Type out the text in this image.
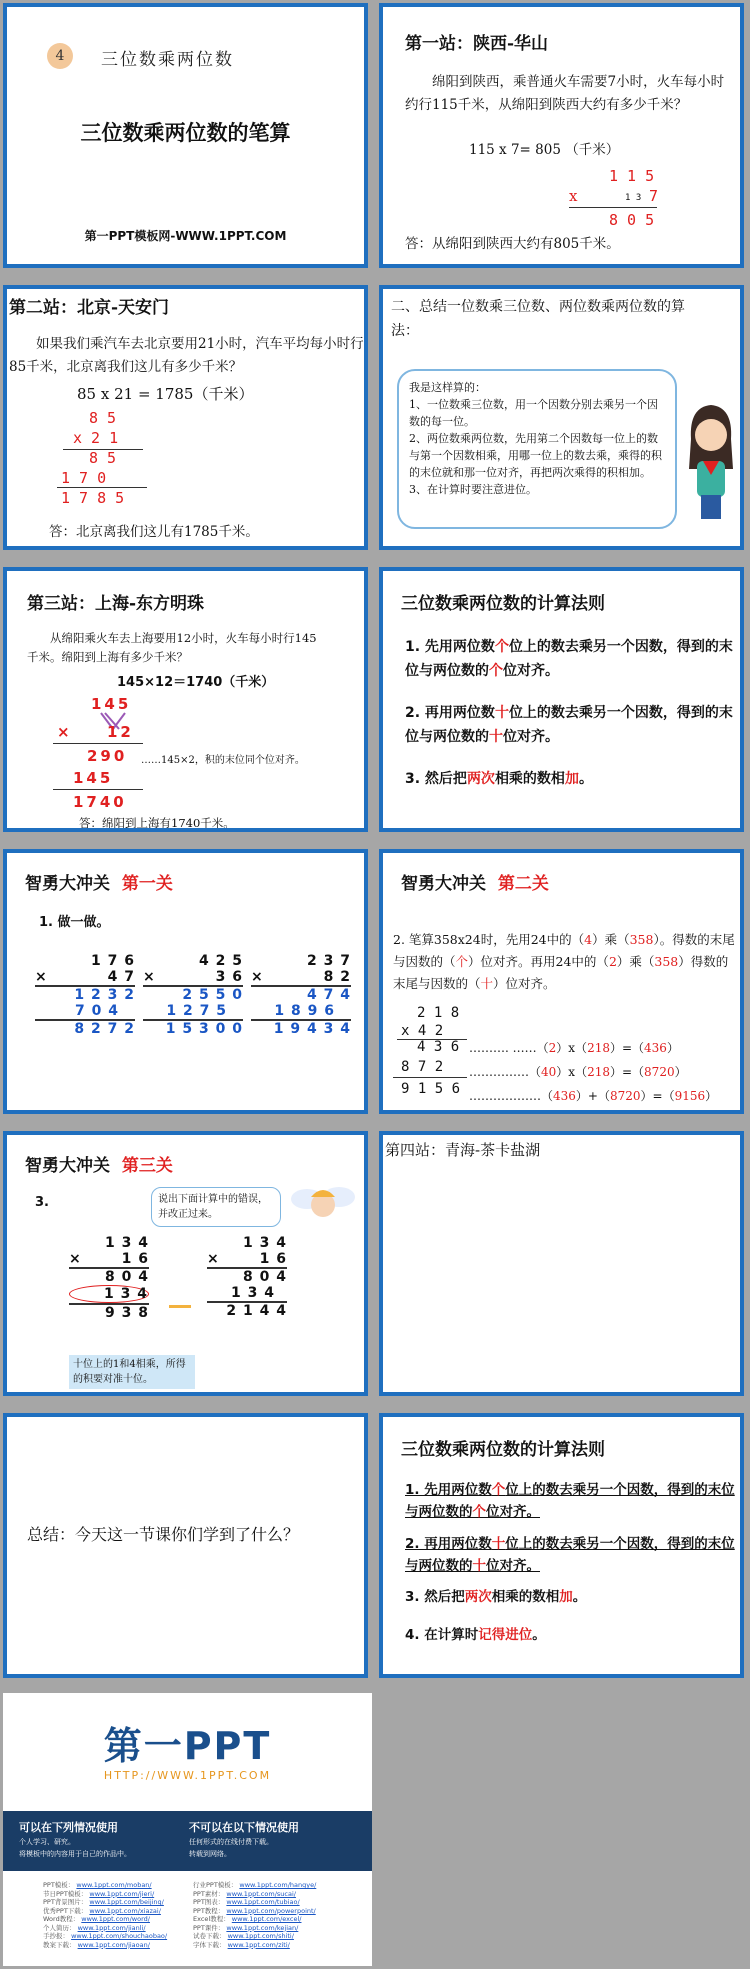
4	三位数乘两位数
三位数乘两位数的笔算
第一PPT模板网-WWW.1PPT.COM
第一站：陕西-华山
绵阳到陕西，乘普通火车需要7小时，火车每小时约行115千米，从绵阳到陕西大约有多少千米？
115 x 7= 805 （千米）
1 1 5
x	1 3 7
8 0 5
答：从绵阳到陕西大约有805千米。
第二站：北京-天安门
如果我们乘汽车去北京要用21小时，汽车平均每小时行85千米，北京离我们这儿有多少千米？
85 x 21 = 1785（千米）
8 5
x 2 1
8 5
1 7 0
1 7 8 5
答：北京离我们这儿有1785千米。
二、总结一位数乘三位数、两位数乘两位数的算法：
我是这样算的：
1、一位数乘三位数，用一个因数分别去乘另一个因数的每一位。
2、两位数乘两位数，先用第二个因数每一位上的数与第一个因数相乘，用哪一位上的数去乘，乘得的积的末位就和那一位对齐，再把两次乘得的积相加。
3、在计算时要注意进位。
第三站：上海-东方明珠
从绵阳乘火车去上海要用12小时，火车每小时行145千米。绵阳到上海有多少千米？
145×12＝1740（千米）
145
× 12
290 ……145×2，积的末位同个位对齐。
145
1740
答：绵阳到上海有1740千米。
三位数乘两位数的计算法则
1. 先用两位数个位上的数去乘另一个因数，得到的末位与两位数的个位对齐。
2. 再用两位数十位上的数去乘另一个因数，得到的末位与两位数的十位对齐。
3. 然后把两次相乘的数相加。
智勇大冲关 第一关
1. 做一做。
1 7 6
×	4 7
1 2 3 2
7 0 4
8 2 7 2
4 2 5
×	3 6
2 5 5 0
1 2 7 5
1 5 3 0 0
2 3 7
×	8 2
4 7 4
1 8 9 6
1 9 4 3 4
智勇大冲关 第二关
2. 笔算358x24时，先用24中的（4）乘（358）。得数的末尾与因数的（个）位对齐。再用24中的（2）乘（358）得数的末尾与因数的（十）位对齐。
2 1 8
x 4 2
4 3 6
8 7 2
9 1 5 6
………. ……（2）x（218）=（436）
……………（40）x（218）=（8720）
………………（436）+（8720）=（9156）
智勇大冲关 第三关
3.	说出下面计算中的错误，并改正过来。
1 3 4
×	1 6
8 0 4
1 3 4
9 3 8
1 3 4
×	1 6
8 0 4
1 3 4
2 1 4 4
十位上的1和4相乘，所得的积要对准十位。
第四站：青海-茶卡盐湖
总结：今天这一节课你们学到了什么？
三位数乘两位数的计算法则
1. 先用两位数个位上的数去乘另一个因数，得到的末位与两位数的个位对齐。
2. 再用两位数十位上的数去乘另一个因数，得到的末位与两位数的十位对齐。
3. 然后把两次相乘的数相加。
4. 在计算时记得进位。
第一PPT
HTTP://WWW.1PPT.COM
可以在下列情况使用
个人学习、研究。
将模板中的内容用于自己的作品中。
不可以在以下情况使用
任何形式的在线付费下载。
转载到网络。
PPT模板： www.1ppt.com/moban/
节日PPT模板： www.1ppt.com/jieri/
PPT背景图片： www.1ppt.com/beijing/
优秀PPT下载： www.1ppt.com/xiazai/
Word教程： www.1ppt.com/word/
个人简历： www.1ppt.com/jianli/
手抄报： www.1ppt.com/shouchaobao/
教案下载： www.1ppt.com/jiaoan/
行业PPT模板： www.1ppt.com/hangye/
PPT素材： www.1ppt.com/sucai/
PPT图表： www.1ppt.com/tubiao/
PPT教程： www.1ppt.com/powerpoint/
Excel教程： www.1ppt.com/excel/
PPT课件： www.1ppt.com/kejian/
试卷下载： www.1ppt.com/shiti/
字体下载： www.1ppt.com/ziti/
